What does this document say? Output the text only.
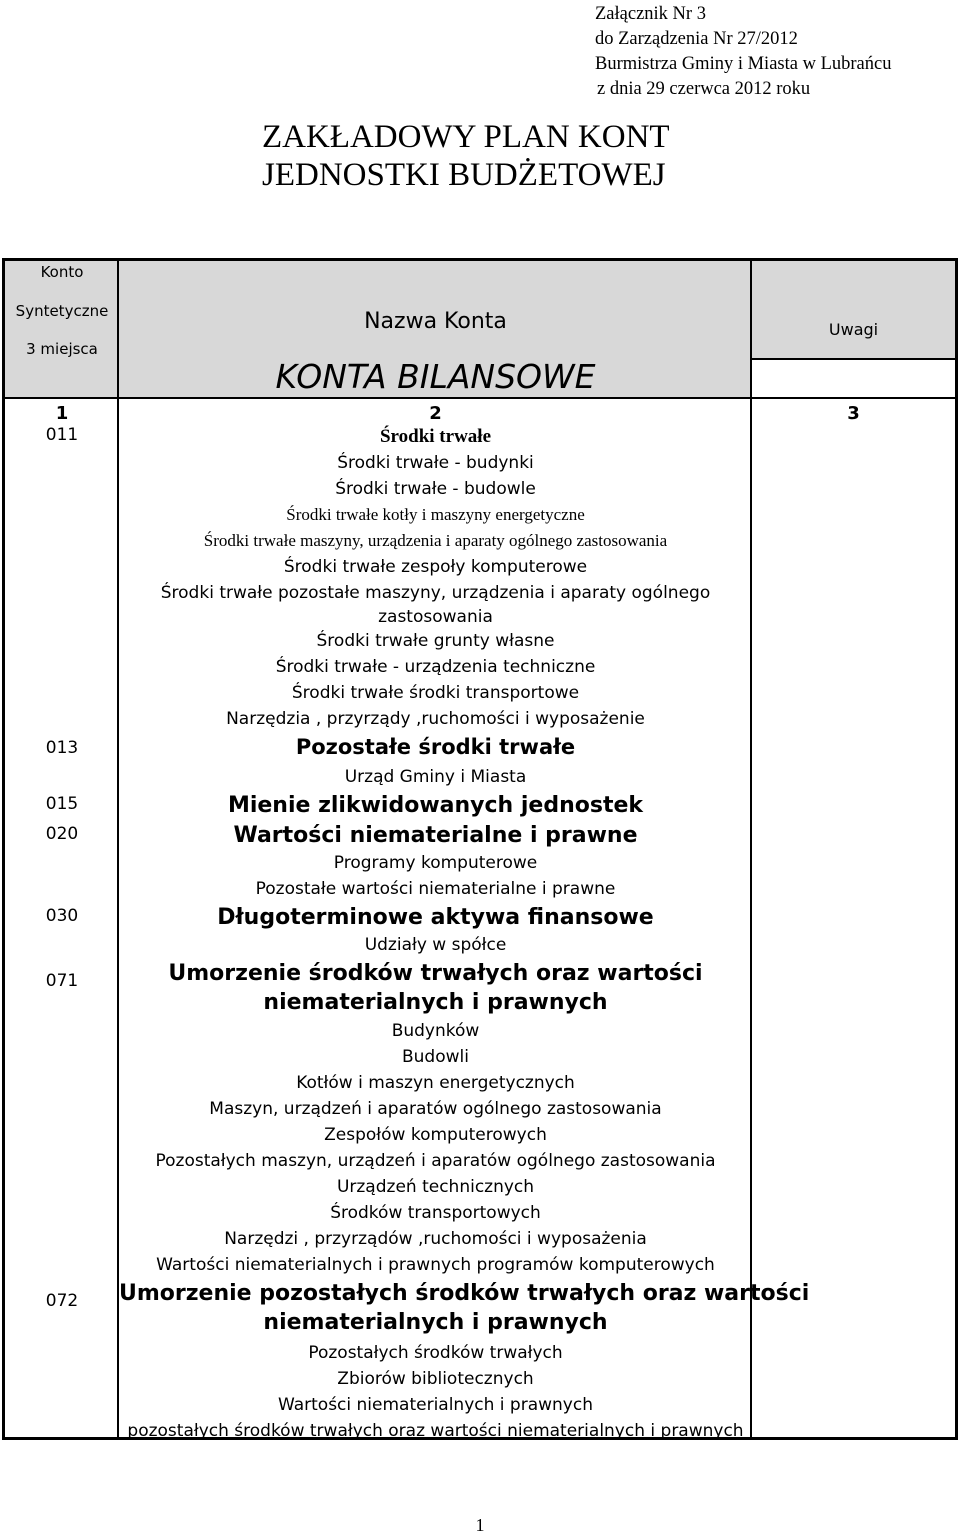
Załącznik Nr 3
do Zarządzenia Nr 27/2012
Burmistrza Gminy i Miasta w Lubrańcu
z dnia 29 czerwca 2012 roku
ZAKŁADOWY PLAN KONT
JEDNOSTKI BUDŻETOWEJ
Konto
Syntetyczne
3 miejsca
Nazwa Konta	Uwagi
KONTA BILANSOWE
1	2	3
011	Środki trwałe
Środki trwałe - budynki
Środki trwałe - budowle
Środki trwałe kotły i maszyny energetyczne
Środki trwałe maszyny, urządzenia i aparaty ogólnego zastosowania
Środki trwałe zespoły komputerowe
Środki trwałe pozostałe maszyny, urządzenia i aparaty ogólnego
zastosowania
Środki trwałe grunty własne
Środki trwałe - urządzenia techniczne
Środki trwałe środki transportowe
Narzędzia , przyrządy ,ruchomości i wyposażenie
013	Pozostałe środki trwałe
Urząd Gminy i Miasta
015	Mienie zlikwidowanych jednostek
020	Wartości niematerialne i prawne
Programy komputerowe
Pozostałe wartości niematerialne i prawne
030	Długoterminowe aktywa finansowe
Udziały w spółce
071	Umorzenie środków trwałych oraz wartości
niematerialnych i prawnych
Budynków
Budowli
Kotłów i maszyn energetycznych
Maszyn, urządzeń i aparatów ogólnego zastosowania
Zespołów komputerowych
Pozostałych maszyn, urządzeń i aparatów ogólnego zastosowania
Urządzeń technicznych
Środków transportowych
Narzędzi , przyrządów ,ruchomości i wyposażenia
Wartości niematerialnych i prawnych programów komputerowych
072	Umorzenie pozostałych środków trwałych oraz wartości
niematerialnych i prawnych
Pozostałych środków trwałych
Zbiorów bibliotecznych
Wartości niematerialnych i prawnych
pozostałych środków trwałych oraz wartości niematerialnych i prawnych
1
